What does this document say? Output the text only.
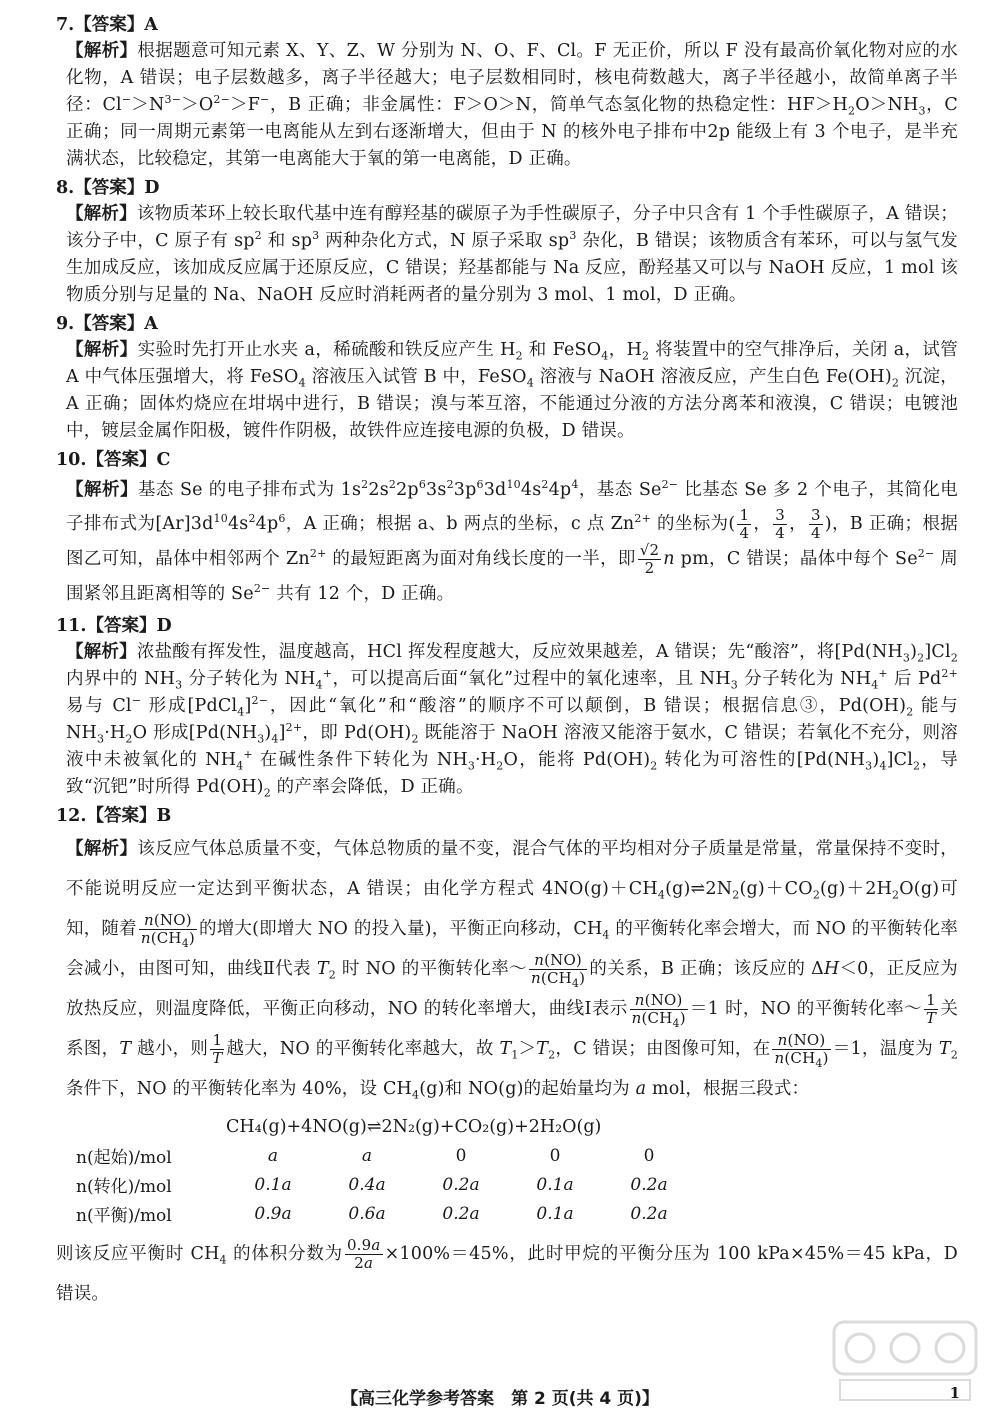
7.【答案】A
【解析】根据题意可知元素 X、Y、Z、W 分别为 N、O、F、Cl。F 无正价，所以 F 没有最高价氧化物对应的水化物，A 错误；电子层数越多，离子半径越大；电子层数相同时，核电荷数越大，离子半径越小，故简单离子半径：$Cl^->N^{3-}>O^{2-}>F^-$，B 正确；非金属性：F＞O＞N，简单气态氢化物的热稳定性：$HF>H_2O>NH_3$，C 正确；同一周期元素第一电离能从左到右逐渐增大，但由于 N 的核外电子排布中2p 能级上有 3 个电子，是半充满状态，比较稳定，其第一电离能大于氧的第一电离能，D 正确。
8.【答案】D
【解析】该物质苯环上较长取代基中连有醇羟基的碳原子为手性碳原子，分子中只含有 1 个手性碳原子，A 错误；该分子中，C 原子有 $sp^2$ 和 $sp^3$ 两种杂化方式，N 原子采取 $sp^3$ 杂化，B 错误；该物质含有苯环，可以与氢气发生加成反应，该加成反应属于还原反应，C 错误；羟基都能与 Na 反应，酚羟基又可以与 NaOH 反应，1 mol 该物质分别与足量的 Na、NaOH 反应时消耗两者的量分别为 3 mol、1 mol，D 正确。
9.【答案】A
【解析】实验时先打开止水夹 a，稀硫酸和铁反应产生 $H_2$ 和 FeSO$_4$，$H_2$ 将装置中的空气排净后，关闭 a，试管 A 中气体压强增大，将 FeSO$_4$ 溶液压入试管 B 中，FeSO$_4$ 溶液与 NaOH 溶液反应，产生白色 $Fe(OH)_2$ 沉淀，A 正确；固体灼烧应在坩埚中进行，B 错误；溴与苯互溶，不能通过分液的方法分离苯和液溴，C 错误；电镀池中，镀层金属作阳极，镀件作阴极，故铁件应连接电源的负极，D 错误。
10.【答案】C
【解析】基态 Se 的电子排布式为 $1s^22s^22p^63s^23p^63d^{10}4s^24p^4$，基态 $Se^{2-}$ 比基态 Se 多 2 个电子，其简化电子排布式为$[Ar]3d^{10}4s^24p^6$，A 正确；根据 a、b 两点的坐标，c 点 $Zn^{2+}$ 的坐标为( $\frac{1}{4}$ ， $\frac{3}{4}$ ， $\frac{3}{4}$ )，B 正确；根据图乙可知，晶体中相邻两个 $Zn^{2+}$ 的最短距离为面对角线长度的一半，即 $\frac{√2}{2}$ n pm，C 错误；晶体中每个 $Se^{2-}$ 周围紧邻且距离相等的 $Se^{2-}$ 共有 12 个，D 正确。
11.【答案】D
【解析】浓盐酸有挥发性，温度越高，HCl 挥发程度越大，反应效果越差，A 错误；先“酸溶”，将$[Pd(NH_3)_2]Cl_2$ 内界中的 $NH_3$ 分子转化为 $NH_4^+$，可以提高后面“氧化”过程中的氧化速率，且 $NH_3$ 分子转化为 $NH_4^+$ 后 $Pd^{2+}$ 易与 Cl− 形成[PdCl$_4$]$^{2-}$，因此“氧化”和“酸溶”的顺序不可以颠倒，B 错误；根据信息③，$Pd(OH)_2$ 能与 $NH_3\cdot H_2O$ 形成$[Pd(NH_3)_4]^{2+}$，即 $Pd(OH)_2$ 既能溶于 NaOH 溶液又能溶于氨水，C 错误；若氧化不充分，则溶液中未被氧化的 $NH_4^+$ 在碱性条件下转化为 $NH_3\cdot H_2O$，能将 $Pd(OH)_2$ 转化为可溶性的$[Pd(NH_3)_4]Cl_2$，导致“沉钯”时所得 $Pd(OH)_2$ 的产率会降低，D 正确。
12.【答案】B
【解析】该反应气体总质量不变，气体总物质的量不变，混合气体的平均相对分子质量是常量，常量保持不变时，不能说明反应一定达到平衡状态，A 错误；由化学方程式 $4NO(g)+CH_4(g)\rightleftharpoons 2N_2(g)+CO_2(g)+2H_2O(g)$可知，随着 $\frac{n(NO)}{n(CH_4)}$ 的增大(即增大 NO 的投入量)，平衡正向移动，$CH_4$ 的平衡转化率会增大，而 NO 的平衡转化率会减小，由图可知，曲线Ⅱ代表 $T_2$ 时 NO 的平衡转化率～ $\frac{n(NO)}{n(CH_4)}$ 的关系，B 正确；该反应的 ΔH＜0，正反应为放热反应，则温度降低，平衡正向移动，NO 的转化率增大，曲线Ⅰ表示 $\frac{n(NO)}{n(CH_4)} =1$ 时，NO 的平衡转化率～ $\frac{1}{T}$ 关系图，T 越小，则 $\frac{1}{T}$ 越大，NO 的平衡转化率越大，故 $T_1>T_2$，C 错误；由图像可知，在 $\frac{n(NO)}{n(CH_4)} =1$，温度为 $T_2$ 条件下，NO 的平衡转化率为 40%，设 $CH_4(g)$和 NO(g)的起始量均为 a mol，根据三段式：
CH₄(g)+4NO(g)⇌2N₂(g)+CO₂(g)+2H₂O(g)
n(起始)/mol	a	a	0	0	0
n(转化)/mol	0.1a	0.4a	0.2a	0.1a	0.2a
n(平衡)/mol	0.9a	0.6a	0.2a	0.1a	0.2a
则该反应平衡时 $CH_4$ 的体积分数为 $\frac{0.9a}{2a} \times 100\%=45\%$，此时甲烷的平衡分压为 100 kPa×45%＝45 kPa，D 错误。
【高三化学参考答案　 第 2 页(共 4 页)】	1
